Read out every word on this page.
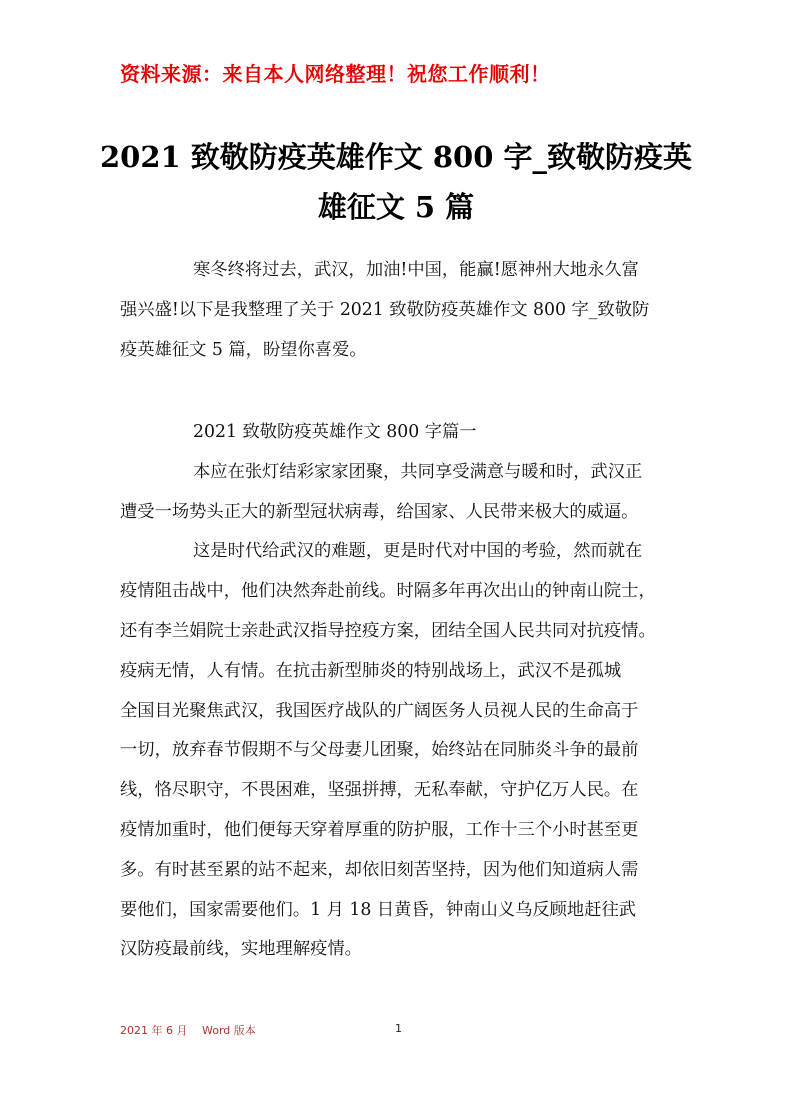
资料来源：来自本人网络整理！祝您工作顺利！
2021 致敬防疫英雄作文 800 字_致敬防疫英
雄征文 5 篇
寒冬终将过去，武汉，加油!中国，能赢!愿神州大地永久富
强兴盛!以下是我整理了关于 2021 致敬防疫英雄作文 800 字_致敬防
疫英雄征文 5 篇，盼望你喜爱。
2021 致敬防疫英雄作文 800 字篇一
本应在张灯结彩家家团聚，共同享受满意与暖和时，武汉正
遭受一场势头正大的新型冠状病毒，给国家、人民带来极大的威逼。
这是时代给武汉的难题，更是时代对中国的考验，然而就在
疫情阻击战中，他们决然奔赴前线。时隔多年再次出山的钟南山院士，
还有李兰娟院士亲赴武汉指导控疫方案，团结全国人民共同对抗疫情。
疫病无情，人有情。在抗击新型肺炎的特别战场上，武汉不是孤城
全国目光聚焦武汉，我国医疗战队的广阔医务人员视人民的生命高于
一切，放弃春节假期不与父母妻儿团聚，始终站在同肺炎斗争的最前
线，恪尽职守，不畏困难，坚强拼搏，无私奉献，守护亿万人民。在
疫情加重时，他们便每天穿着厚重的防护服，工作十三个小时甚至更
多。有时甚至累的站不起来，却依旧刻苦坚持，因为他们知道病人需
要他们，国家需要他们。1 月 18 日黄昏，钟南山义乌反顾地赶往武
汉防疫最前线，实地理解疫情。
2021 年 6 月 Word 版本	1
